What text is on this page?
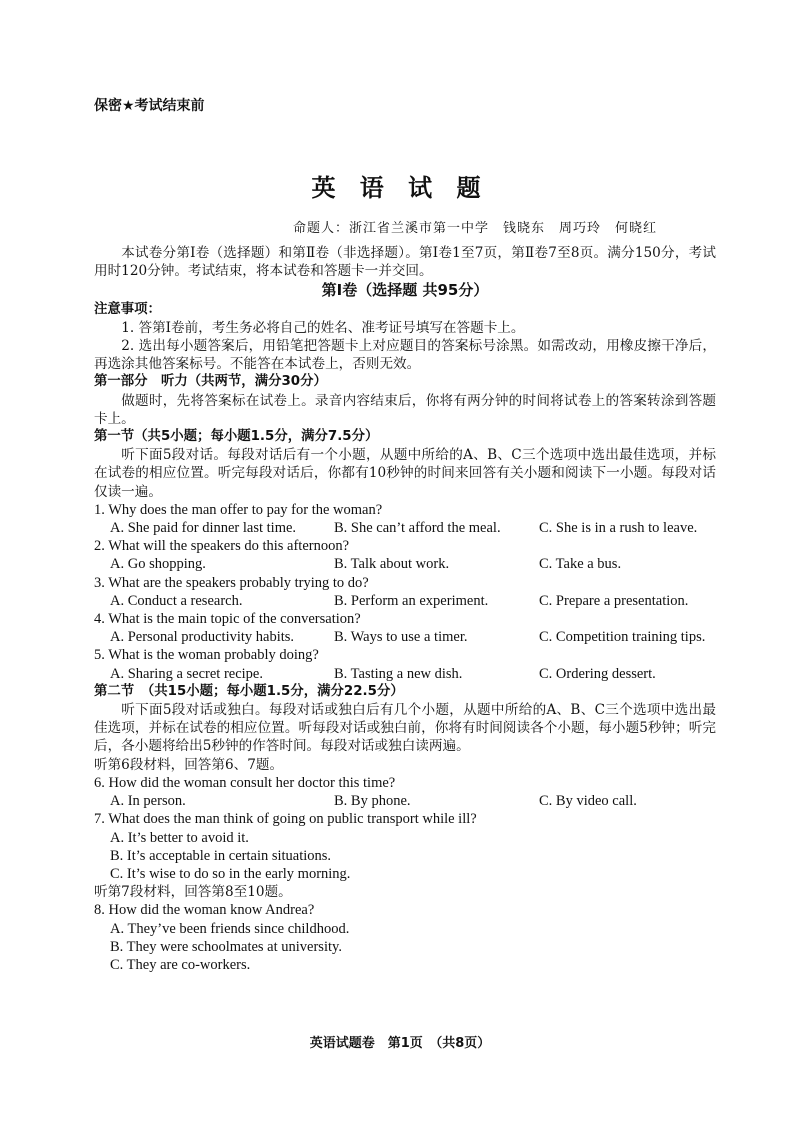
保密★考试结束前
英 语 试 题
命题人：浙江省兰溪市第一中学　钱晓东　周巧玲　何晓红
本试卷分第Ⅰ卷（选择题）和第Ⅱ卷（非选择题）。第Ⅰ卷1至7页，第Ⅱ卷7至8页。满分150分，考试用时120分钟。考试结束，将本试卷和答题卡一并交回。
第Ⅰ卷（选择题 共95分）
注意事项：
1. 答第Ⅰ卷前，考生务必将自己的姓名、准考证号填写在答题卡上。
2. 选出每小题答案后，用铅笔把答题卡上对应题目的答案标号涂黑。如需改动，用橡皮擦干净后，再选涂其他答案标号。不能答在本试卷上，否则无效。
第一部分　听力（共两节，满分30分）
做题时，先将答案标在试卷上。录音内容结束后，你将有两分钟的时间将试卷上的答案转涂到答题卡上。
第一节（共5小题；每小题1.5分，满分7.5分）
听下面5段对话。每段对话后有一个小题，从题中所给的A、B、C三个选项中选出最佳选项，并标在试卷的相应位置。听完每段对话后，你都有10秒钟的时间来回答有关小题和阅读下一小题。每段对话仅读一遍。
1. Why does the man offer to pay for the woman?
A. She paid for dinner last time.	B. She can’t afford the meal.	C. She is in a rush to leave.
2. What will the speakers do this afternoon?
A. Go shopping.	B. Talk about work.	C. Take a bus.
3. What are the speakers probably trying to do?
A. Conduct a research.	B. Perform an experiment.	C. Prepare a presentation.
4. What is the main topic of the conversation?
A. Personal productivity habits.	B. Ways to use a timer.	C. Competition training tips.
5. What is the woman probably doing?
A. Sharing a secret recipe.	B. Tasting a new dish.	C. Ordering dessert.
第二节　（共15小题；每小题1.5分，满分22.5分）
听下面5段对话或独白。每段对话或独白后有几个小题，从题中所给的A、B、C三个选项中选出最佳选项，并标在试卷的相应位置。听每段对话或独白前，你将有时间阅读各个小题，每小题5秒钟；听完后，各小题将给出5秒钟的作答时间。每段对话或独白读两遍。
听第6段材料，回答第6、7题。
6. How did the woman consult her doctor this time?
A. In person.	B. By phone.	C. By video call.
7. What does the man think of going on public transport while ill?
A. It’s better to avoid it.
B. It’s acceptable in certain situations.
C. It’s wise to do so in the early morning.
听第7段材料，回答第8至10题。
8. How did the woman know Andrea?
A. They’ve been friends since childhood.
B. They were schoolmates at university.
C. They are co-workers.
英语试题卷　第1页　（共8页）
